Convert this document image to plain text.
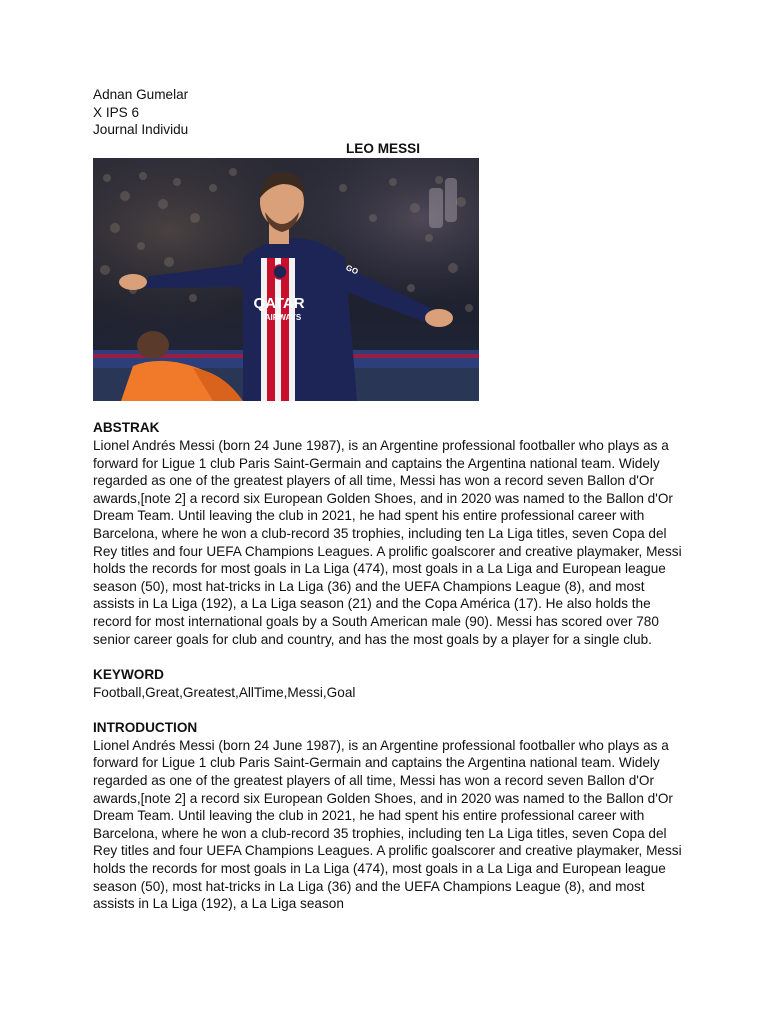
Adnan Gumelar
X IPS 6
Journal Individu
LEO MESSI
QATAR
AIRWAYS
GO
ABSTRAK

Lionel Andrés Messi (born 24 June 1987), is an Argentine professional footballer who plays as a forward for Ligue 1 club Paris Saint-Germain and captains the Argentina national team. Widely regarded as one of the greatest players of all time, Messi has won a record seven Ballon d'Or awards,[note 2] a record six European Golden Shoes, and in 2020 was named to the Ballon d'Or Dream Team. Until leaving the club in 2021, he had spent his entire professional career with Barcelona, where he won a club-record 35 trophies, including ten La Liga titles, seven Copa del Rey titles and four UEFA Champions Leagues. A prolific goalscorer and creative playmaker, Messi holds the records for most goals in La Liga (474), most goals in a La Liga and European league season (50), most hat-tricks in La Liga (36) and the UEFA Champions League (8), and most assists in La Liga (192), a La Liga season (21) and the Copa América (17). He also holds the record for most international goals by a South American male (90). Messi has scored over 780 senior career goals for club and country, and has the most goals by a player for a single club.

KEYWORD

Football,Great,Greatest,AllTime,Messi,Goal

INTRODUCTION

Lionel Andrés Messi (born 24 June 1987), is an Argentine professional footballer who plays as a forward for Ligue 1 club Paris Saint-Germain and captains the Argentina national team. Widely regarded as one of the greatest players of all time, Messi has won a record seven Ballon d'Or awards,[note 2] a record six European Golden Shoes, and in 2020 was named to the Ballon d'Or Dream Team. Until leaving the club in 2021, he had spent his entire professional career with Barcelona, where he won a club-record 35 trophies, including ten La Liga titles, seven Copa del Rey titles and four UEFA Champions Leagues. A prolific goalscorer and creative playmaker, Messi holds the records for most goals in La Liga (474), most goals in a La Liga and European league season (50), most hat-tricks in La Liga (36) and the UEFA Champions League (8), and most assists in La Liga (192), a La Liga season
